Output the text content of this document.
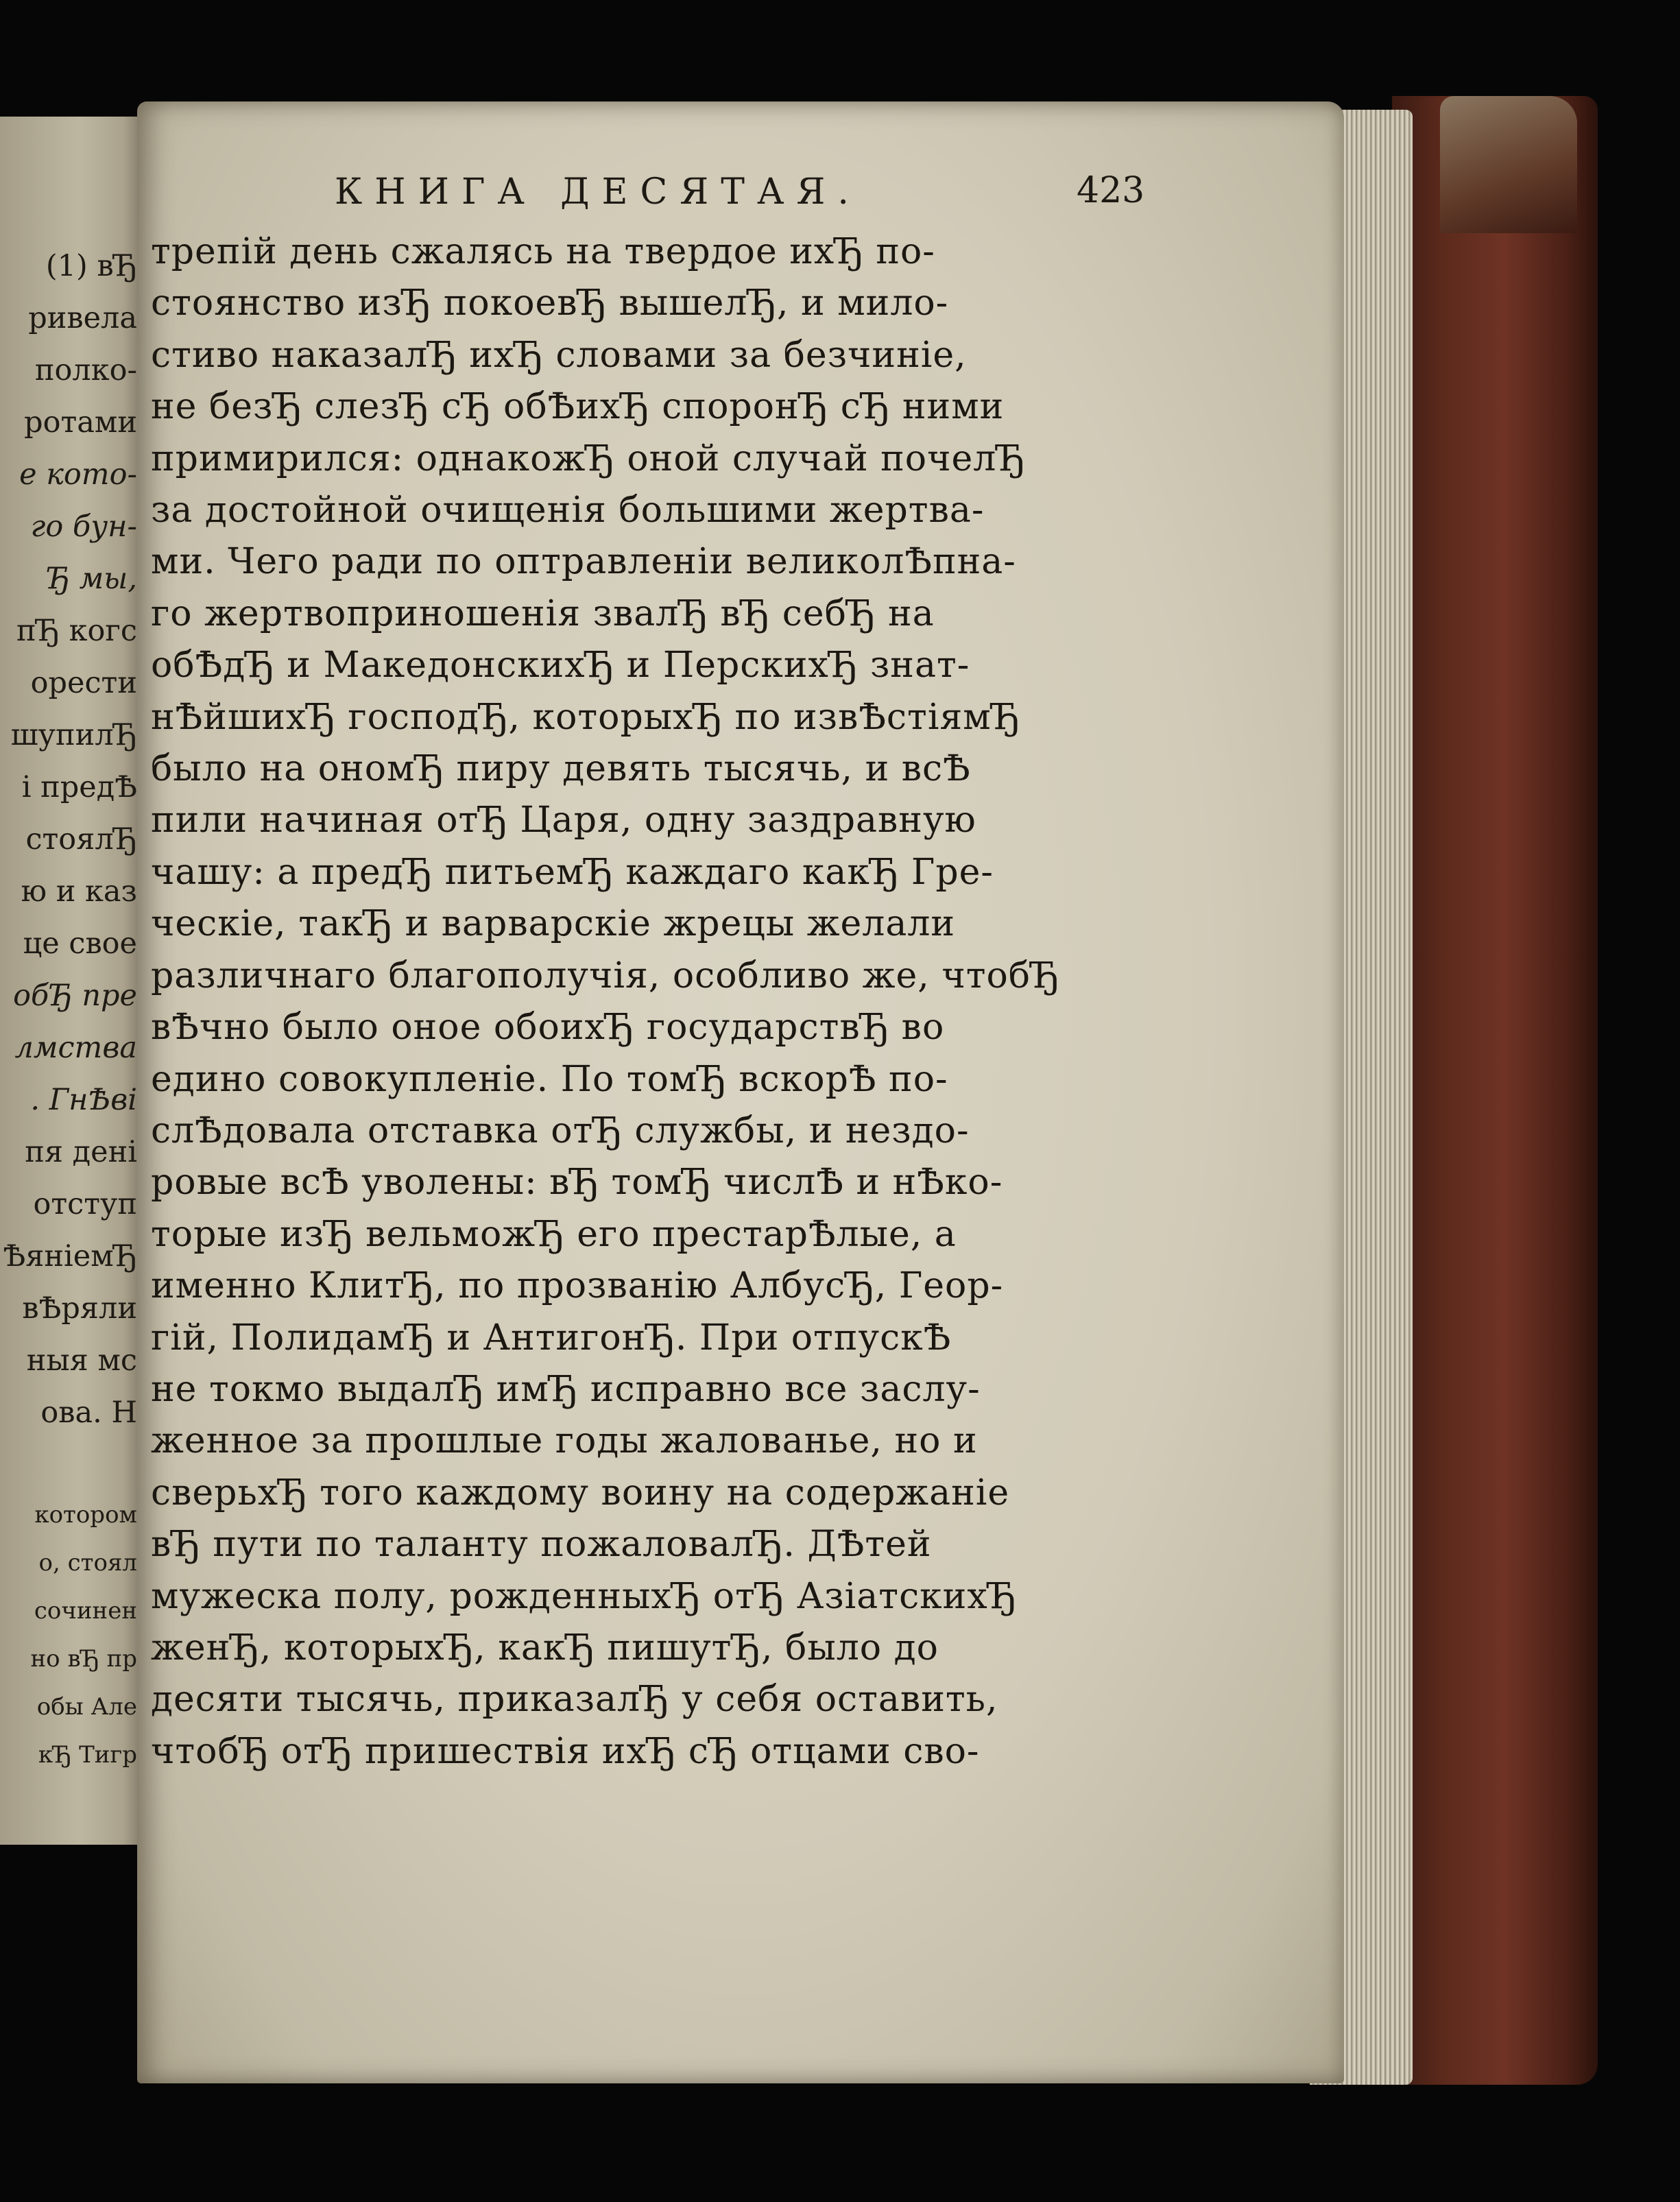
(1) вЂ
ривела
полко-
ротами
е кото-
го бун-
Ђ мы,
пЂ когс
орести
шупилЂ
і предѢ
стоялЂ
ю и каз
це свое
обЂ пре
лмства
. ГнѢві
пя дені
отступ
ѢяніемЂ
вѢряли
ныя мс
ова. Н

котором
о, стоял
сочинен
но вЂ пр
обы Але
кЂ Тигр
КНИГА ДЕСЯТАЯ.	423
трепій день сжалясь на твердое ихЂ по-
стоянство изЂ покоевЂ вышелЂ, и мило-
стиво наказалЂ ихЂ словами за безчиніе,
не безЂ слезЂ сЂ обѢихЂ споронЂ сЂ ними
примирился: однакожЂ оной случай почелЂ
за достойной очищенія большими жертва-
ми. Чего ради по оптравленіи великолѢпна-
го жертвоприношенія звалЂ вЂ себЂ на
обѢдЂ и МакедонскихЂ и ПерскихЂ знат-
нѢйшихЂ господЂ, которыхЂ по извѢстіямЂ
было на ономЂ пиру девять тысячь, и всѢ
пили начиная отЂ Царя, одну заздравную
чашу: а предЂ питьемЂ каждаго какЂ Гре-
ческіе, такЂ и варварскіе жрецы желали
различнаго благополучія, особливо же, чтобЂ
вѢчно было оное обоихЂ государствЂ во
едино совокупленіе. По томЂ вскорѢ по-
слѢдовала отставка отЂ службы, и нездо-
ровые всѢ уволены: вЂ томЂ числѢ и нѢко-
торые изЂ вельможЂ его престарѢлые, а
именно КлитЂ, по прозванію АлбусЂ, Геор-
гій, ПолидамЂ и АнтигонЂ. При отпускѢ
не токмо выдалЂ имЂ исправно все заслу-
женное за прошлые годы жалованье, но и
сверьхЂ того каждому воину на содержаніе
вЂ пути по таланту пожаловалЂ. ДѢтей
мужеска полу, рожденныхЂ отЂ АзіатскихЂ
женЂ, которыхЂ, какЂ пишутЂ, было до
десяти тысячь, приказалЂ у себя оставить,
чтобЂ отЂ пришествія ихЂ сЂ отцами сво-
